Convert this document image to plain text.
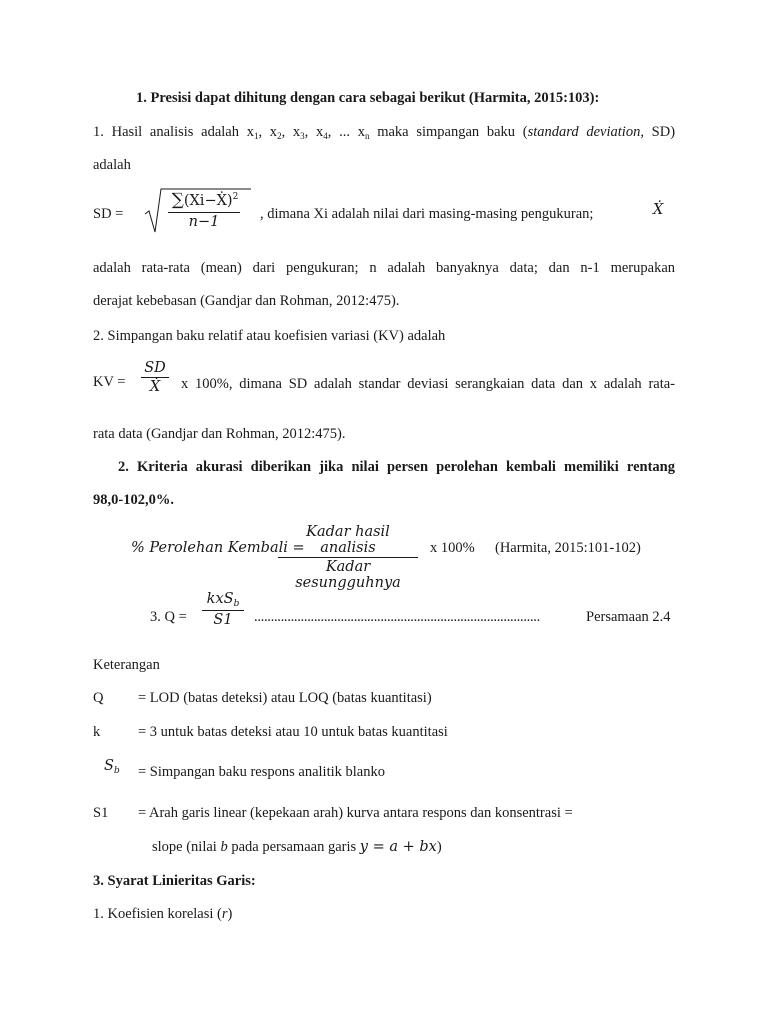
1. Presisi dapat dihitung dengan cara sebagai berikut (Harmita, 2015:103):
1. Hasil analisis adalah $x_1$, $x_2$, $x_3$, $x_4$, ... $x_n$ maka simpangan baku (standard deviation, SD)
adalah
SD =
∑(Xi−Ẋ)$^2$
n−1	, dimana Xi adalah nilai dari masing-masing pengukuran;	Ẋ
adalah rata-rata (mean) dari pengukuran; n adalah banyaknya data; dan n-1 merupakan
derajat kebebasan (Gandjar dan Rohman, 2012:475).
2. Simpangan baku relatif atau koefisien variasi (KV) adalah
KV =
SD
Ẋ	x 100%, dimana SD adalah standar deviasi serangkaian data dan x adalah rata-
rata data (Gandjar dan Rohman, 2012:475).
2. Kriteria akurasi diberikan jika nilai persen perolehan kembali memiliki rentang
98,0-102,0%.
% Perolehan Kembali =
Kadar hasil analisis
Kadar sesungguhnya
x 100% (Harmita, 2015:101-102)
3. Q =
kxS$_b$
S1	......................................................................................	Persamaan 2.4
Keterangan
Q = LOD (batas deteksi) atau LOQ (batas kuantitasi)
k	= 3 untuk batas deteksi atau 10 untuk batas kuantitasi
$S_b$ = Simpangan baku respons analitik blanko
S1 = Arah garis linear (kepekaan arah) kurva antara respons dan konsentrasi =
slope (nilai b pada persamaan garis y = a + bx)
3. Syarat Linieritas Garis:
1. Koefisien korelasi (r)
